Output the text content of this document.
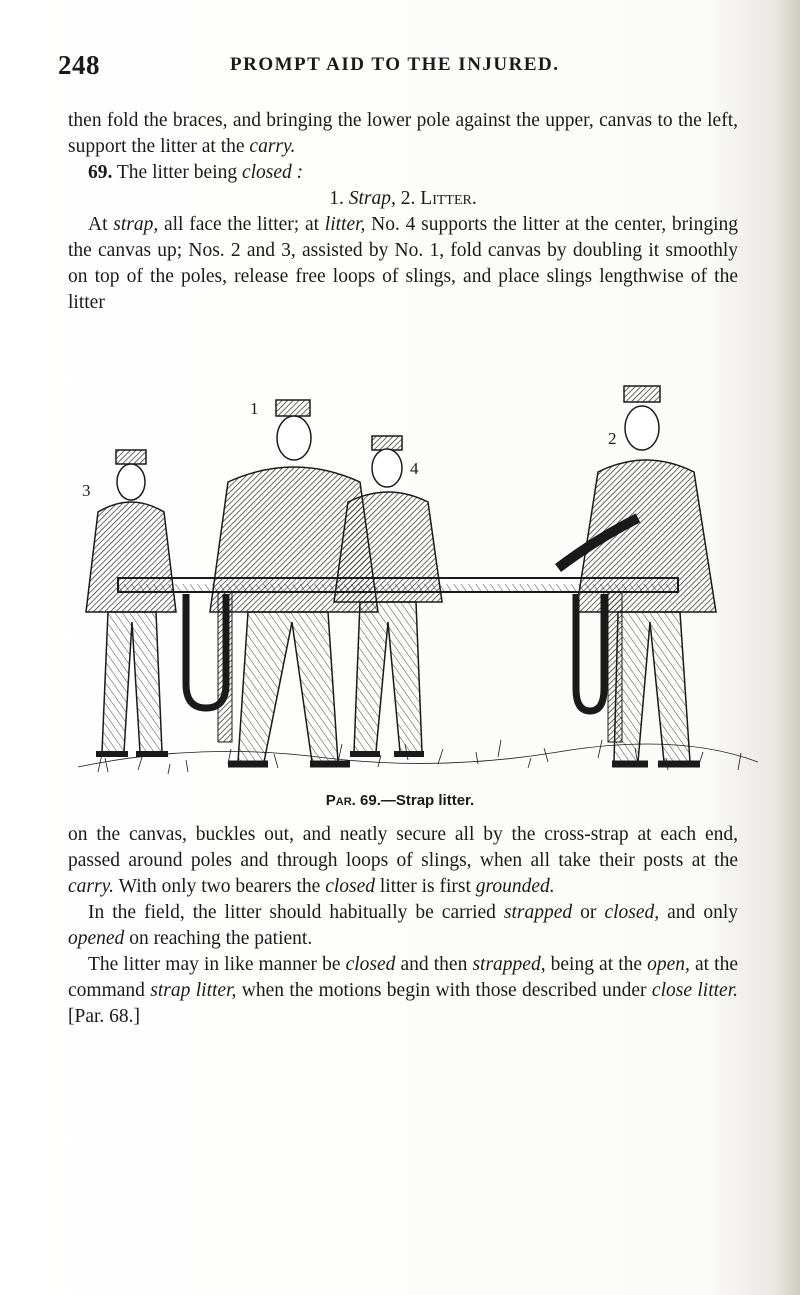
248	PROMPT AID TO THE INJURED.

then fold the braces, and bringing the lower pole against the upper, canvas to the left, support the litter at the carry.

69. The litter being closed :

1. Strap, 2. Litter.

At strap, all face the litter; at litter, No. 4 supports the litter at the center, bringing the canvas up; Nos. 2 and 3, assisted by No. 1, fold canvas by doubling it smoothly on top of the poles, release free loops of slings, and place slings lengthwise of the litter

1
2
3
4
Par. 69.—Strap litter.

on the canvas, buckles out, and neatly secure all by the cross-strap at each end, passed around poles and through loops of slings, when all take their posts at the carry. With only two bearers the closed litter is first grounded.

In the field, the litter should habitually be carried strapped or closed, and only opened on reaching the patient.

The litter may in like manner be closed and then strapped, being at the open, at the command strap litter, when the motions begin with those described under close litter. [Par. 68.]
